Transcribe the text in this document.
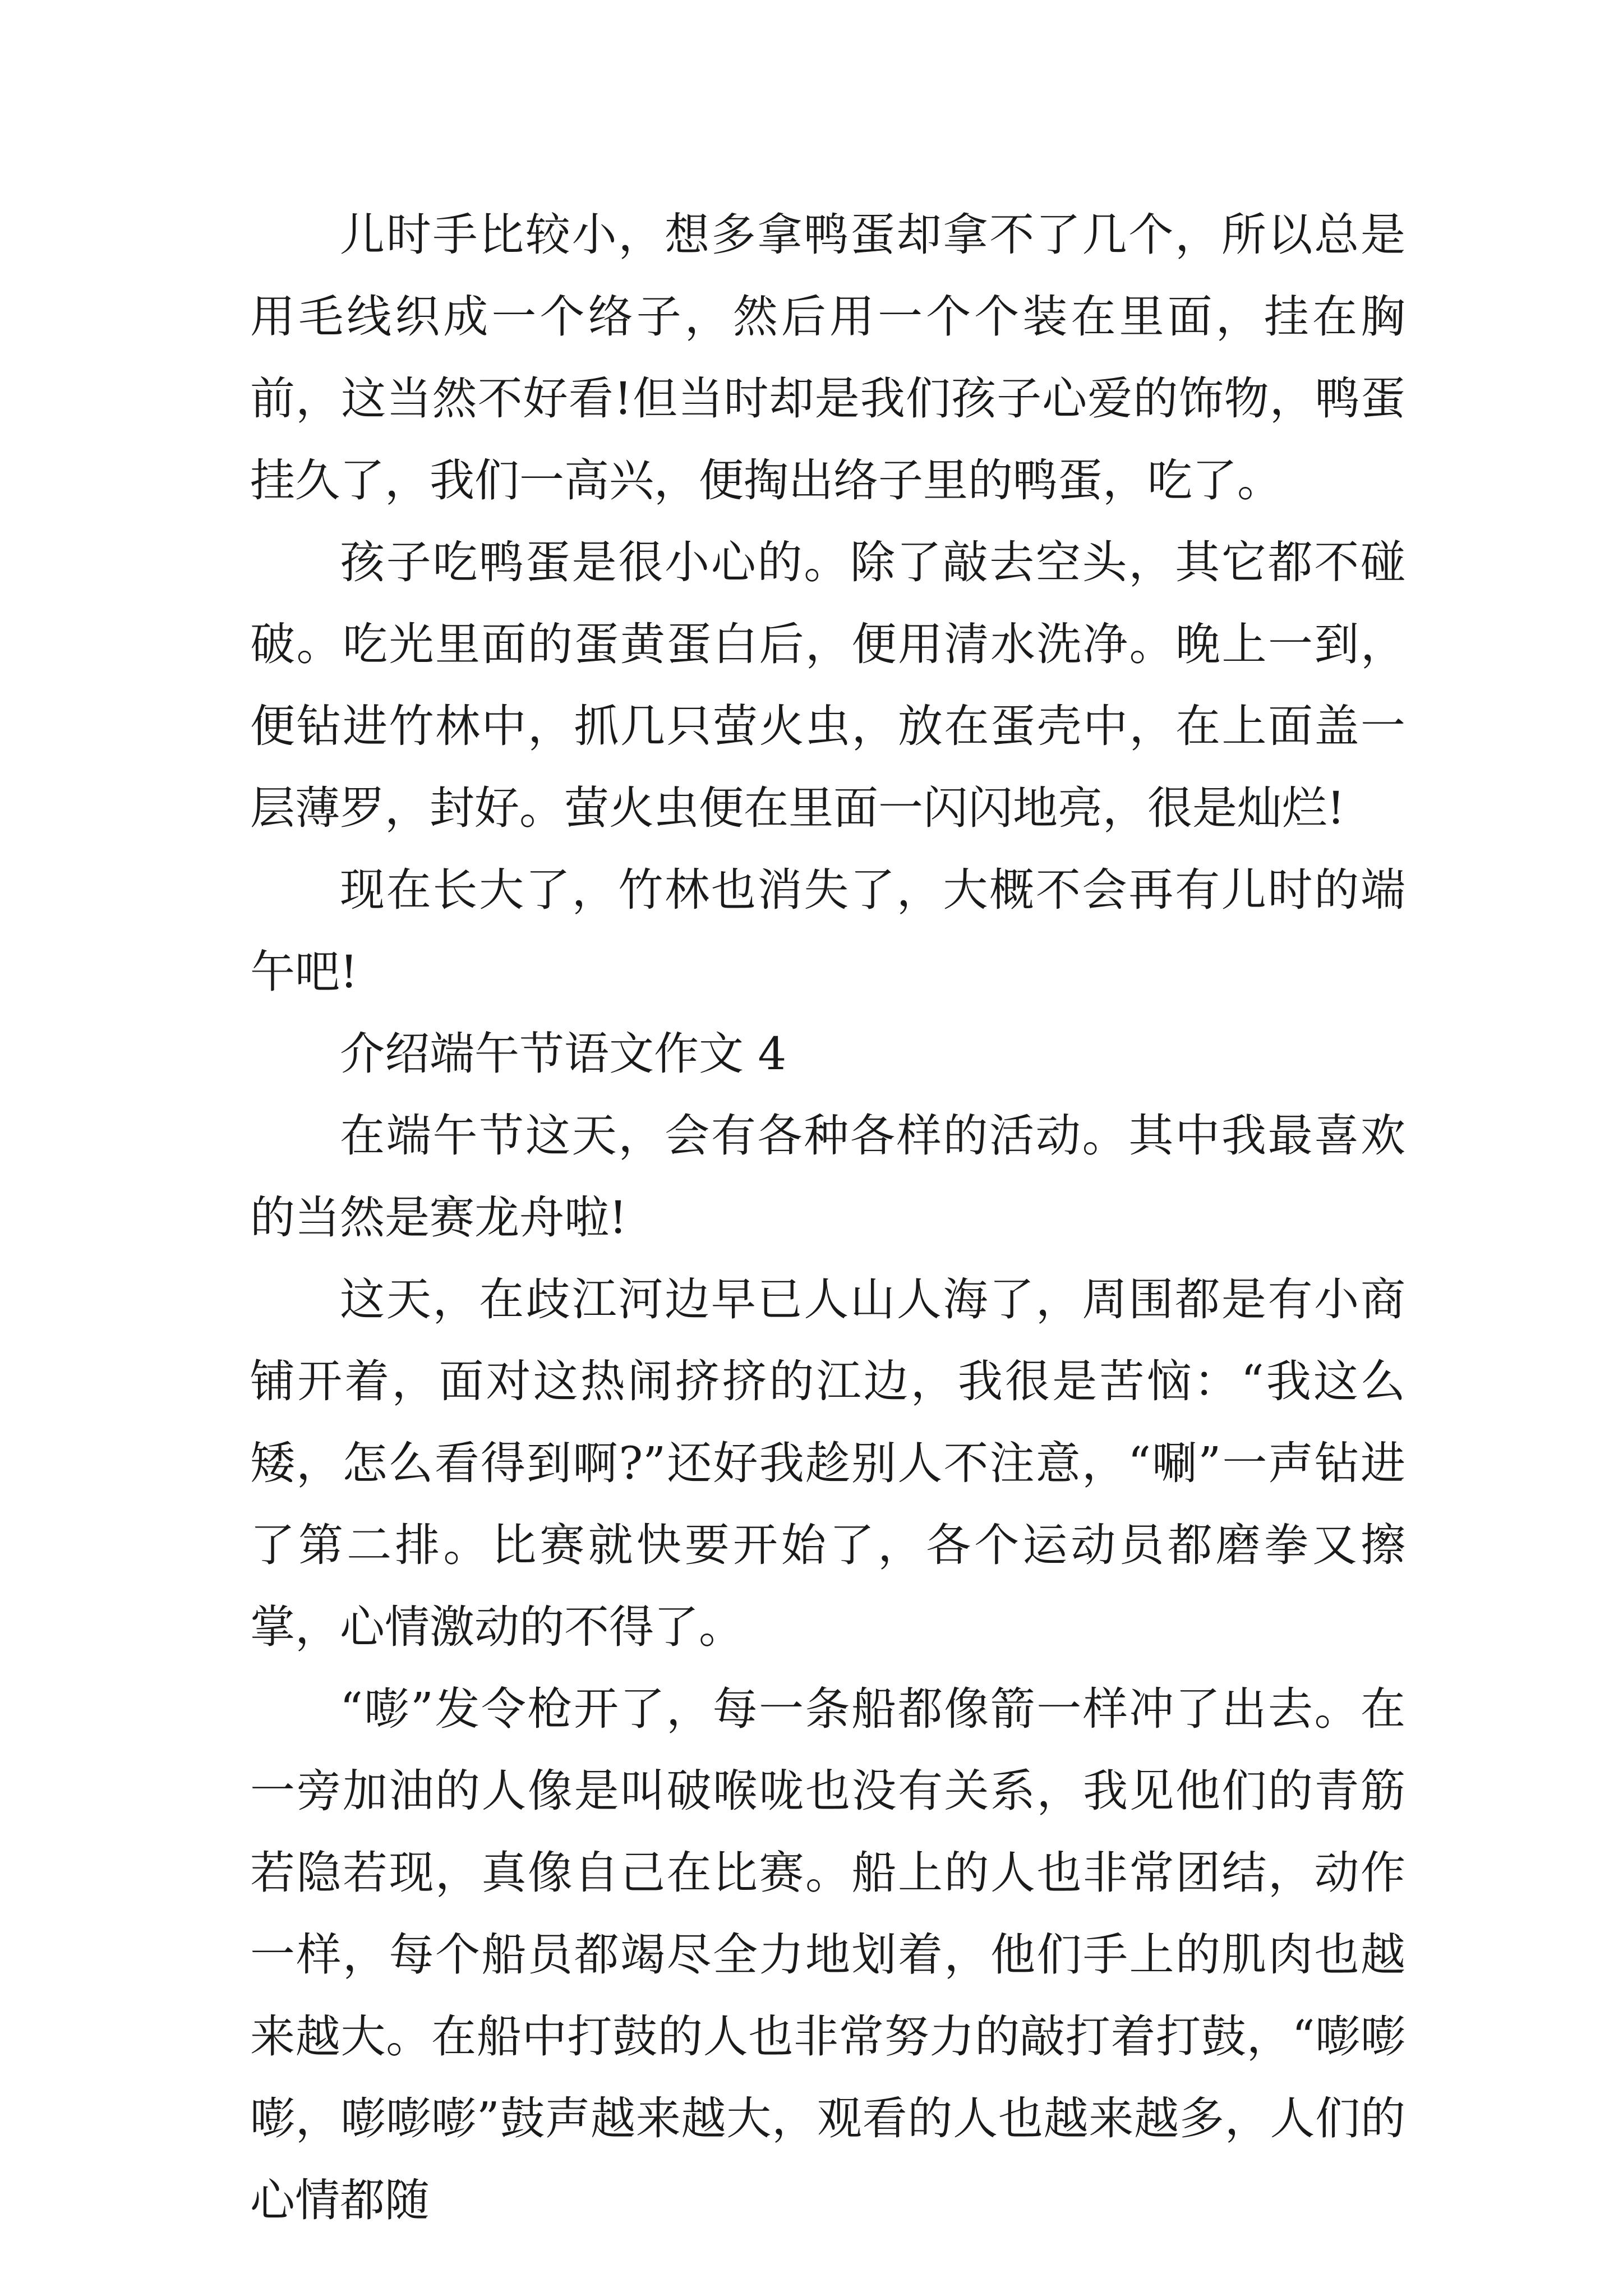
儿时手比较小，想多拿鸭蛋却拿不了几个，所以总是用毛线织成一个络子，然后用一个个装在里面，挂在胸前，这当然不好看!但当时却是我们孩子心爱的饰物，鸭蛋挂久了，我们一高兴，便掏出络子里的鸭蛋，吃了。

孩子吃鸭蛋是很小心的。除了敲去空头，其它都不碰破。吃光里面的蛋黄蛋白后，便用清水洗净。晚上一到，便钻进竹林中，抓几只萤火虫，放在蛋壳中，在上面盖一层薄罗，封好。萤火虫便在里面一闪闪地亮，很是灿烂!

现在长大了，竹林也消失了，大概不会再有儿时的端午吧!

介绍端午节语文作文 4

在端午节这天，会有各种各样的活动。其中我最喜欢的当然是赛龙舟啦!

这天，在歧江河边早已人山人海了，周围都是有小商铺开着，面对这热闹挤挤的江边，我很是苦恼：“我这么矮，怎么看得到啊?”还好我趁别人不注意，“唰”一声钻进了第二排。比赛就快要开始了，各个运动员都磨拳又擦掌，心情激动的不得了。

“嘭”发令枪开了，每一条船都像箭一样冲了出去。在一旁加油的人像是叫破喉咙也没有关系，我见他们的青筋若隐若现，真像自己在比赛。船上的人也非常团结，动作一样，每个船员都竭尽全力地划着，他们手上的肌肉也越来越大。在船中打鼓的人也非常努力的敲打着打鼓，“嘭嘭嘭，嘭嘭嘭”鼓声越来越大，观看的人也越来越多，人们的心情都随
